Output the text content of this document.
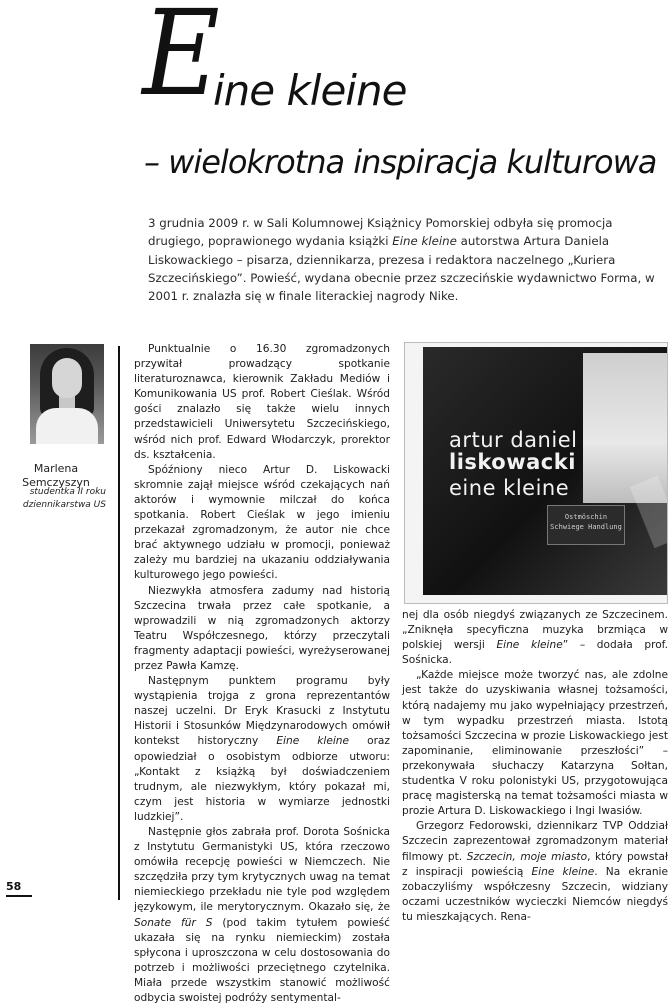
E
ine kleine
– wielokrotna inspiracja kulturowa
3 grudnia 2009 r. w Sali Kolumnowej Książnicy Pomorskiej odbyła się promocja drugiego, poprawionego wydania książki Eine kleine autorstwa Artura Daniela Liskowackiego – pisarza, dziennikarza, prezesa i redaktora naczelnego „Kuriera Szczecińskiego”. Powieść, wydana obecnie przez szczecińskie wydawnictwo Forma, w 2001 r. znalazła się w finale literackiej nagrody Nike.
Marlena Semczyszyn
studentka II roku dziennikarstwa US

Punktualnie o 16.30 zgromadzonych przywitał prowadzący spotkanie literaturoznawca, kierownik Zakładu Mediów i Komunikowania US prof. Robert Cieślak. Wśród gości znalazło się także wielu innych przedstawicieli Uniwersytetu Szczecińskiego, wśród nich prof. Edward Włodarczyk, prorektor ds. kształcenia.

Spóźniony nieco Artur D. Liskowacki skromnie zajął miejsce wśród czekających nań aktorów i wymownie milczał do końca spotkania. Robert Cieślak w jego imieniu przekazał zgromadzonym, że autor nie chce brać aktywnego udziału w promocji, ponieważ zależy mu bardziej na ukazaniu oddziaływania kulturowego jego powieści.

Niezwykła atmosfera zadumy nad historią Szczecina trwała przez całe spotkanie, a wprowadzili w nią zgromadzonych aktorzy Teatru Współczesnego, którzy przeczytali fragmenty adaptacji powieści, wyreżyserowanej przez Pawła Kamzę.

Następnym punktem programu były wystąpienia trojga z grona reprezentantów naszej uczelni. Dr Eryk Krasucki z Instytutu Historii i Stosunków Międzynarodowych omówił kontekst historyczny Eine kleine oraz opowiedział o osobistym odbiorze utworu: „Kontakt z książką był doświadczeniem trudnym, ale niezwykłym, który pokazał mi, czym jest historia w wymiarze jednostki ludzkiej”.

Następnie głos zabrała prof. Dorota Sośnicka z Instytutu Germanistyki US, która rzeczowo omówiła recepcję powieści w Niemczech. Nie szczędziła przy tym krytycznych uwag na temat niemieckiego przekładu nie tyle pod względem językowym, ile merytorycznym. Okazało się, że Sonate für S (pod takim tytułem powieść ukazała się na rynku niemieckim) została spłycona i uproszczona w celu dostosowania do potrzeb i możliwości przeciętnego czytelnika. Miała przede wszystkim stanowić możliwość odbycia swoistej podróży sentymental-

Ostmöschin Schwiege Handlung
artur daniel
liskowacki
eine kleine

nej dla osób niegdyś związanych ze Szczecinem. „Zniknęła specyficzna muzyka brzmiąca w polskiej wersji Eine kleine” – dodała prof. Sośnicka.

„Każde miejsce może tworzyć nas, ale zdolne jest także do uzyskiwania własnej tożsamości, którą nadajemy mu jako wypełniający przestrzeń, w tym wypadku przestrzeń miasta. Istotą tożsamości Szczecina w prozie Liskowackiego jest zapominanie, eliminowanie przeszłości” – przekonywała słuchaczy Katarzyna Sołtan, studentka V roku polonistyki US, przygotowująca pracę magisterską na temat tożsamości miasta w prozie Artura D. Liskowackiego i Ingi Iwasiów.

Grzegorz Fedorowski, dziennikarz TVP Oddział Szczecin zaprezentował zgromadzonym materiał filmowy pt. Szczecin, moje miasto, który powstał z inspiracji powieścią Eine kleine. Na ekranie zobaczyliśmy współczesny Szczecin, widziany oczami uczestników wycieczki Niemców niegdyś tu mieszkających. Rena-

58
